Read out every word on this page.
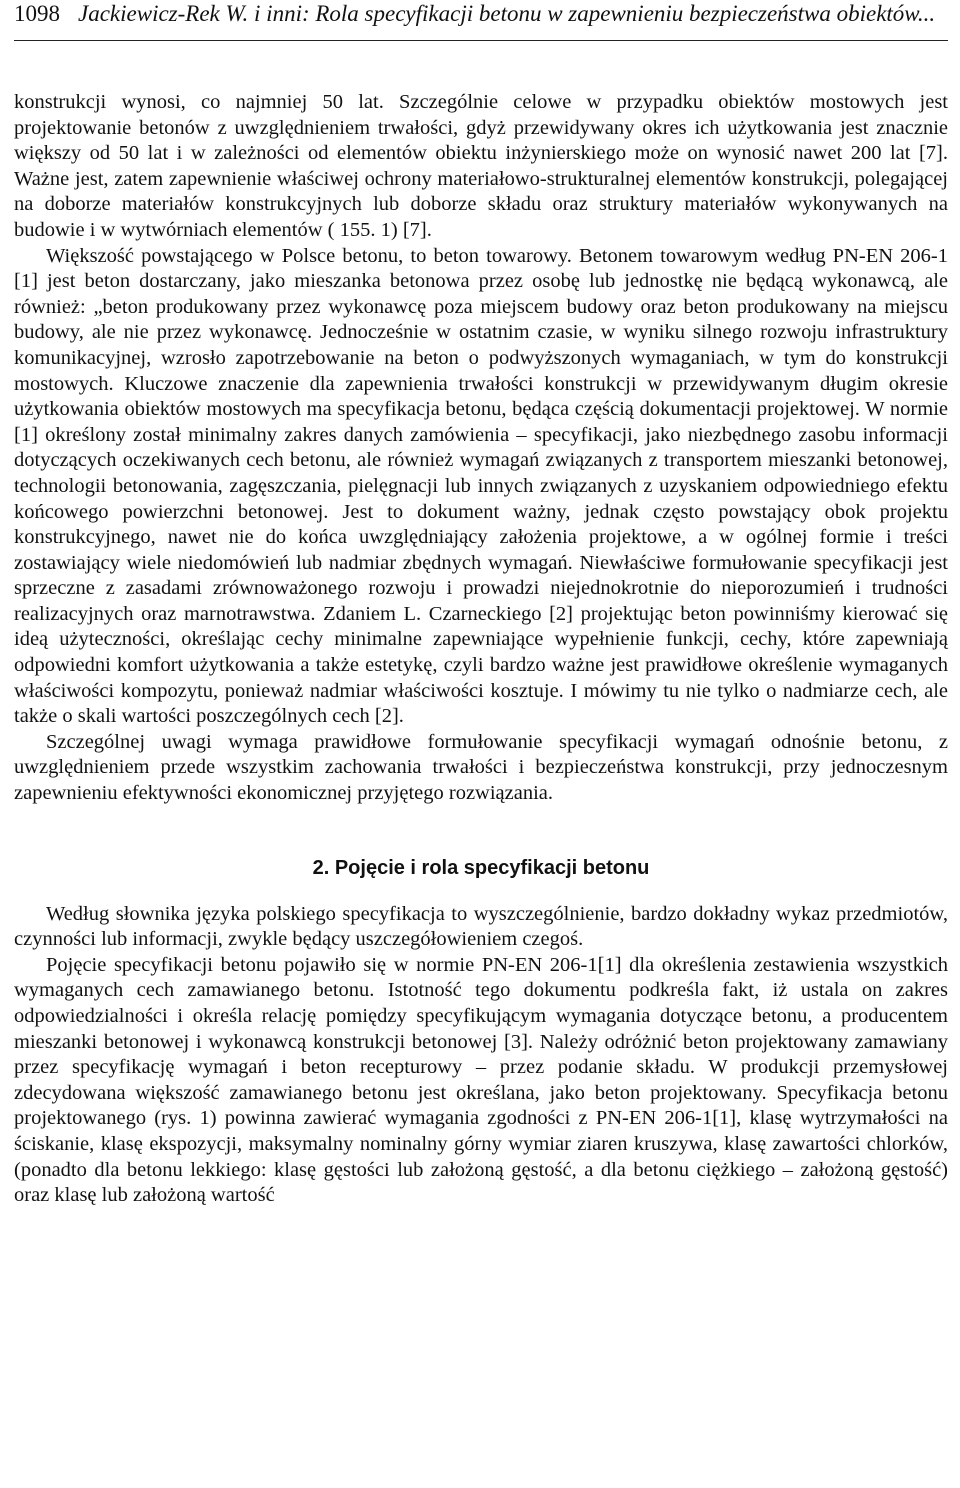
1098 Jackiewicz-Rek W. i inni: Rola specyfikacji betonu w zapewnieniu bezpieczeństwa obiektów...

konstrukcji wynosi, co najmniej 50 lat. Szczególnie celowe w przypadku obiektów mostowych jest projektowanie betonów z uwzględnieniem trwałości, gdyż przewidywany okres ich użytkowania jest znacznie większy od 50 lat i w zależności od elementów obiektu inżynierskiego może on wynosić nawet 200 lat [7]. Ważne jest, zatem zapewnienie właściwej ochrony materiałowo-strukturalnej elementów konstrukcji, polegającej na doborze materiałów konstrukcyjnych lub doborze składu oraz struktury materiałów wykonywanych na budowie i w wytwórniach elementów ( 155. 1) [7].

Większość powstającego w Polsce betonu, to beton towarowy. Betonem towarowym według PN-EN 206-1 [1] jest beton dostarczany, jako mieszanka betonowa przez osobę lub jednostkę nie będącą wykonawcą, ale również: „beton produkowany przez wykonawcę poza miejscem budowy oraz beton produkowany na miejscu budowy, ale nie przez wykonawcę. Jednocześnie w ostatnim czasie, w wyniku silnego rozwoju infrastruktury komunikacyjnej, wzrosło zapotrzebowanie na beton o podwyższonych wymaganiach, w tym do konstrukcji mostowych. Kluczowe znaczenie dla zapewnienia trwałości konstrukcji w przewidywanym długim okresie użytkowania obiektów mostowych ma specyfikacja betonu, będąca częścią dokumentacji projektowej. W normie [1] określony został minimalny zakres danych zamówienia – specyfikacji, jako niezbędnego zasobu informacji dotyczących oczekiwanych cech betonu, ale również wymagań związanych z transportem mieszanki betonowej, technologii betonowania, zagęszczania, pielęgnacji lub innych związanych z uzyskaniem odpowiedniego efektu końcowego powierzchni betonowej. Jest to dokument ważny, jednak często powstający obok projektu konstrukcyjnego, nawet nie do końca uwzględniający założenia projektowe, a w ogólnej formie i treści zostawiający wiele niedomówień lub nadmiar zbędnych wymagań. Niewłaściwe formułowanie specyfikacji jest sprzeczne z zasadami zrównoważonego rozwoju i prowadzi niejednokrotnie do nieporozumień i trudności realizacyjnych oraz marnotrawstwa. Zdaniem L. Czarneckiego [2] projektując beton powinniśmy kierować się ideą użyteczności, określając cechy minimalne zapewniające wypełnienie funkcji, cechy, które zapewniają odpowiedni komfort użytkowania a także estetykę, czyli bardzo ważne jest prawidłowe określenie wymaganych właściwości kompozytu, ponieważ nadmiar właściwości kosztuje. I mówimy tu nie tylko o nadmiarze cech, ale także o skali wartości poszczególnych cech [2].

Szczególnej uwagi wymaga prawidłowe formułowanie specyfikacji wymagań odnośnie betonu, z uwzględnieniem przede wszystkim zachowania trwałości i bezpieczeństwa konstrukcji, przy jednoczesnym zapewnieniu efektywności ekonomicznej przyjętego rozwiązania.

2. Pojęcie i rola specyfikacji betonu

Według słownika języka polskiego specyfikacja to wyszczególnienie, bardzo dokładny wykaz przedmiotów, czynności lub informacji, zwykle będący uszczegółowieniem czegoś.

Pojęcie specyfikacji betonu pojawiło się w normie PN-EN 206-1[1] dla określenia zestawienia wszystkich wymaganych cech zamawianego betonu. Istotność tego dokumentu podkreśla fakt, iż ustala on zakres odpowiedzialności i określa relację pomiędzy specyfikującym wymagania dotyczące betonu, a producentem mieszanki betonowej i wykonawcą konstrukcji betonowej [3]. Należy odróżnić beton projektowany zamawiany przez specyfikację wymagań i beton recepturowy – przez podanie składu. W produkcji przemysłowej zdecydowana większość zamawianego betonu jest określana, jako beton projektowany. Specyfikacja betonu projektowanego (rys. 1) powinna zawierać wymagania zgodności z PN-EN 206-1[1], klasę wytrzymałości na ściskanie, klasę ekspozycji, maksymalny nominalny górny wymiar ziaren kruszywa, klasę zawartości chlorków, (ponadto dla betonu lekkiego: klasę gęstości lub założoną gęstość, a dla betonu ciężkiego – założoną gęstość) oraz klasę lub założoną wartość
